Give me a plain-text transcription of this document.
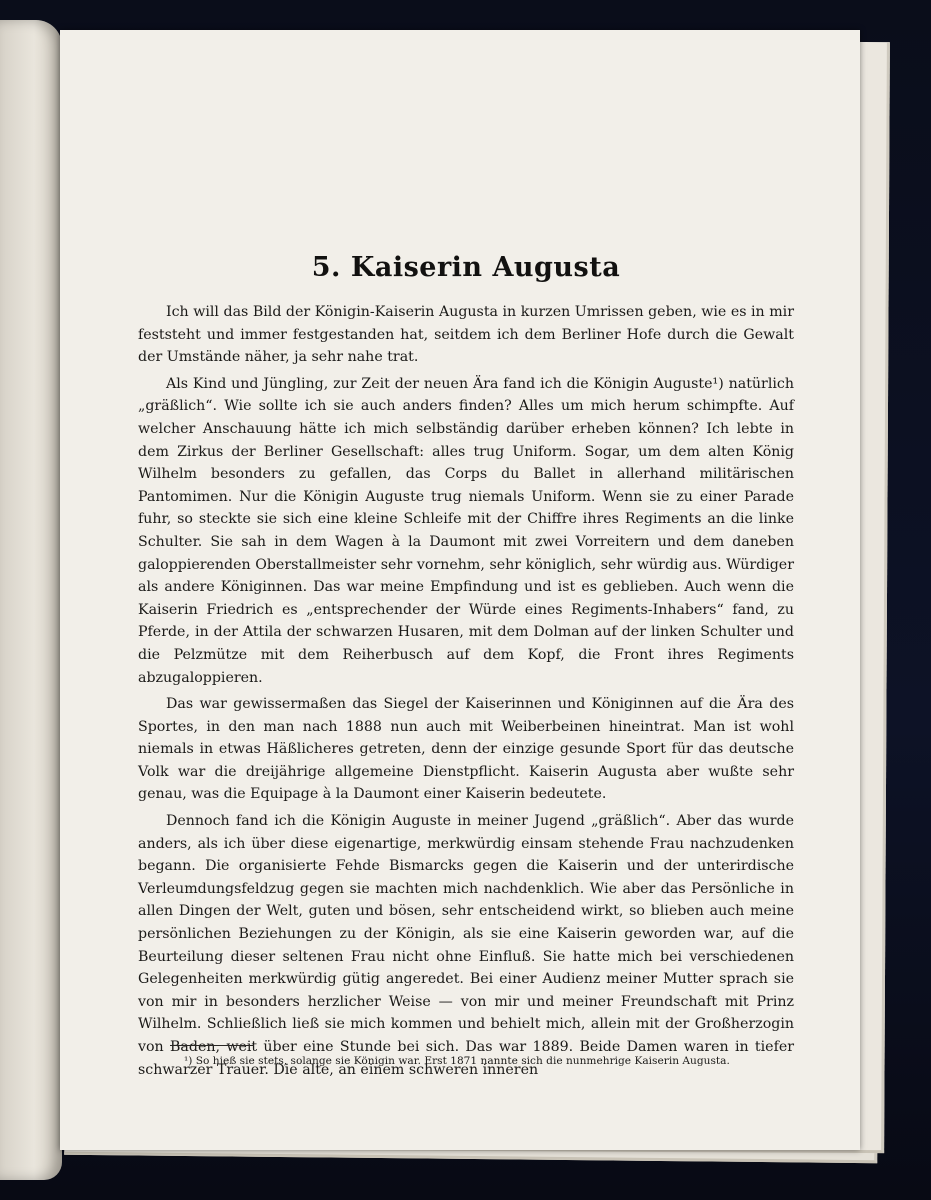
5. Kaiserin Augusta

Ich will das Bild der Königin-Kaiserin Augusta in kurzen Umrissen geben, wie es in mir feststeht und immer festgestanden hat, seitdem ich dem Berliner Hofe durch die Gewalt der Umstände näher, ja sehr nahe trat.

Als Kind und Jüngling, zur Zeit der neuen Ära fand ich die Königin Auguste¹) natürlich „gräßlich“. Wie sollte ich sie auch anders finden? Alles um mich herum schimpfte. Auf welcher Anschauung hätte ich mich selbständig darüber erheben können? Ich lebte in dem Zirkus der Berliner Gesellschaft: alles trug Uniform. Sogar, um dem alten König Wilhelm besonders zu gefallen, das Corps du Ballet in allerhand militärischen Pantomimen. Nur die Königin Auguste trug niemals Uniform. Wenn sie zu einer Parade fuhr, so steckte sie sich eine kleine Schleife mit der Chiffre ihres Regiments an die linke Schulter. Sie sah in dem Wagen à la Daumont mit zwei Vorreitern und dem daneben galoppierenden Oberstallmeister sehr vornehm, sehr königlich, sehr würdig aus. Würdiger als andere Königinnen. Das war meine Empfindung und ist es geblieben. Auch wenn die Kaiserin Friedrich es „entsprechender der Würde eines Regiments-Inhabers“ fand, zu Pferde, in der Attila der schwarzen Husaren, mit dem Dolman auf der linken Schulter und die Pelzmütze mit dem Reiherbusch auf dem Kopf, die Front ihres Regiments abzugaloppieren.

Das war gewissermaßen das Siegel der Kaiserinnen und Königinnen auf die Ära des Sportes, in den man nach 1888 nun auch mit Weiberbeinen hineintrat. Man ist wohl niemals in etwas Häßlicheres getreten, denn der einzige gesunde Sport für das deutsche Volk war die dreijährige allgemeine Dienstpflicht. Kaiserin Augusta aber wußte sehr genau, was die Equipage à la Daumont einer Kaiserin bedeutete.

Dennoch fand ich die Königin Auguste in meiner Jugend „gräßlich“. Aber das wurde anders, als ich über diese eigenartige, merkwürdig einsam stehende Frau nachzudenken begann. Die organisierte Fehde Bismarcks gegen die Kaiserin und der unterirdische Verleumdungsfeldzug gegen sie machten mich nachdenklich. Wie aber das Persönliche in allen Dingen der Welt, guten und bösen, sehr entscheidend wirkt, so blieben auch meine persönlichen Beziehungen zu der Königin, als sie eine Kaiserin geworden war, auf die Beurteilung dieser seltenen Frau nicht ohne Einfluß. Sie hatte mich bei verschiedenen Gelegenheiten merkwürdig gütig angeredet. Bei einer Audienz meiner Mutter sprach sie von mir in besonders herzlicher Weise — von mir und meiner Freundschaft mit Prinz Wilhelm. Schließlich ließ sie mich kommen und behielt mich, allein mit der Großherzogin von Baden, weit über eine Stunde bei sich. Das war 1889. Beide Damen waren in tiefer schwarzer Trauer. Die alte, an einem schweren inneren

¹) So hieß sie stets, solange sie Königin war. Erst 1871 nannte sich die nunmehrige Kaiserin Augusta.
